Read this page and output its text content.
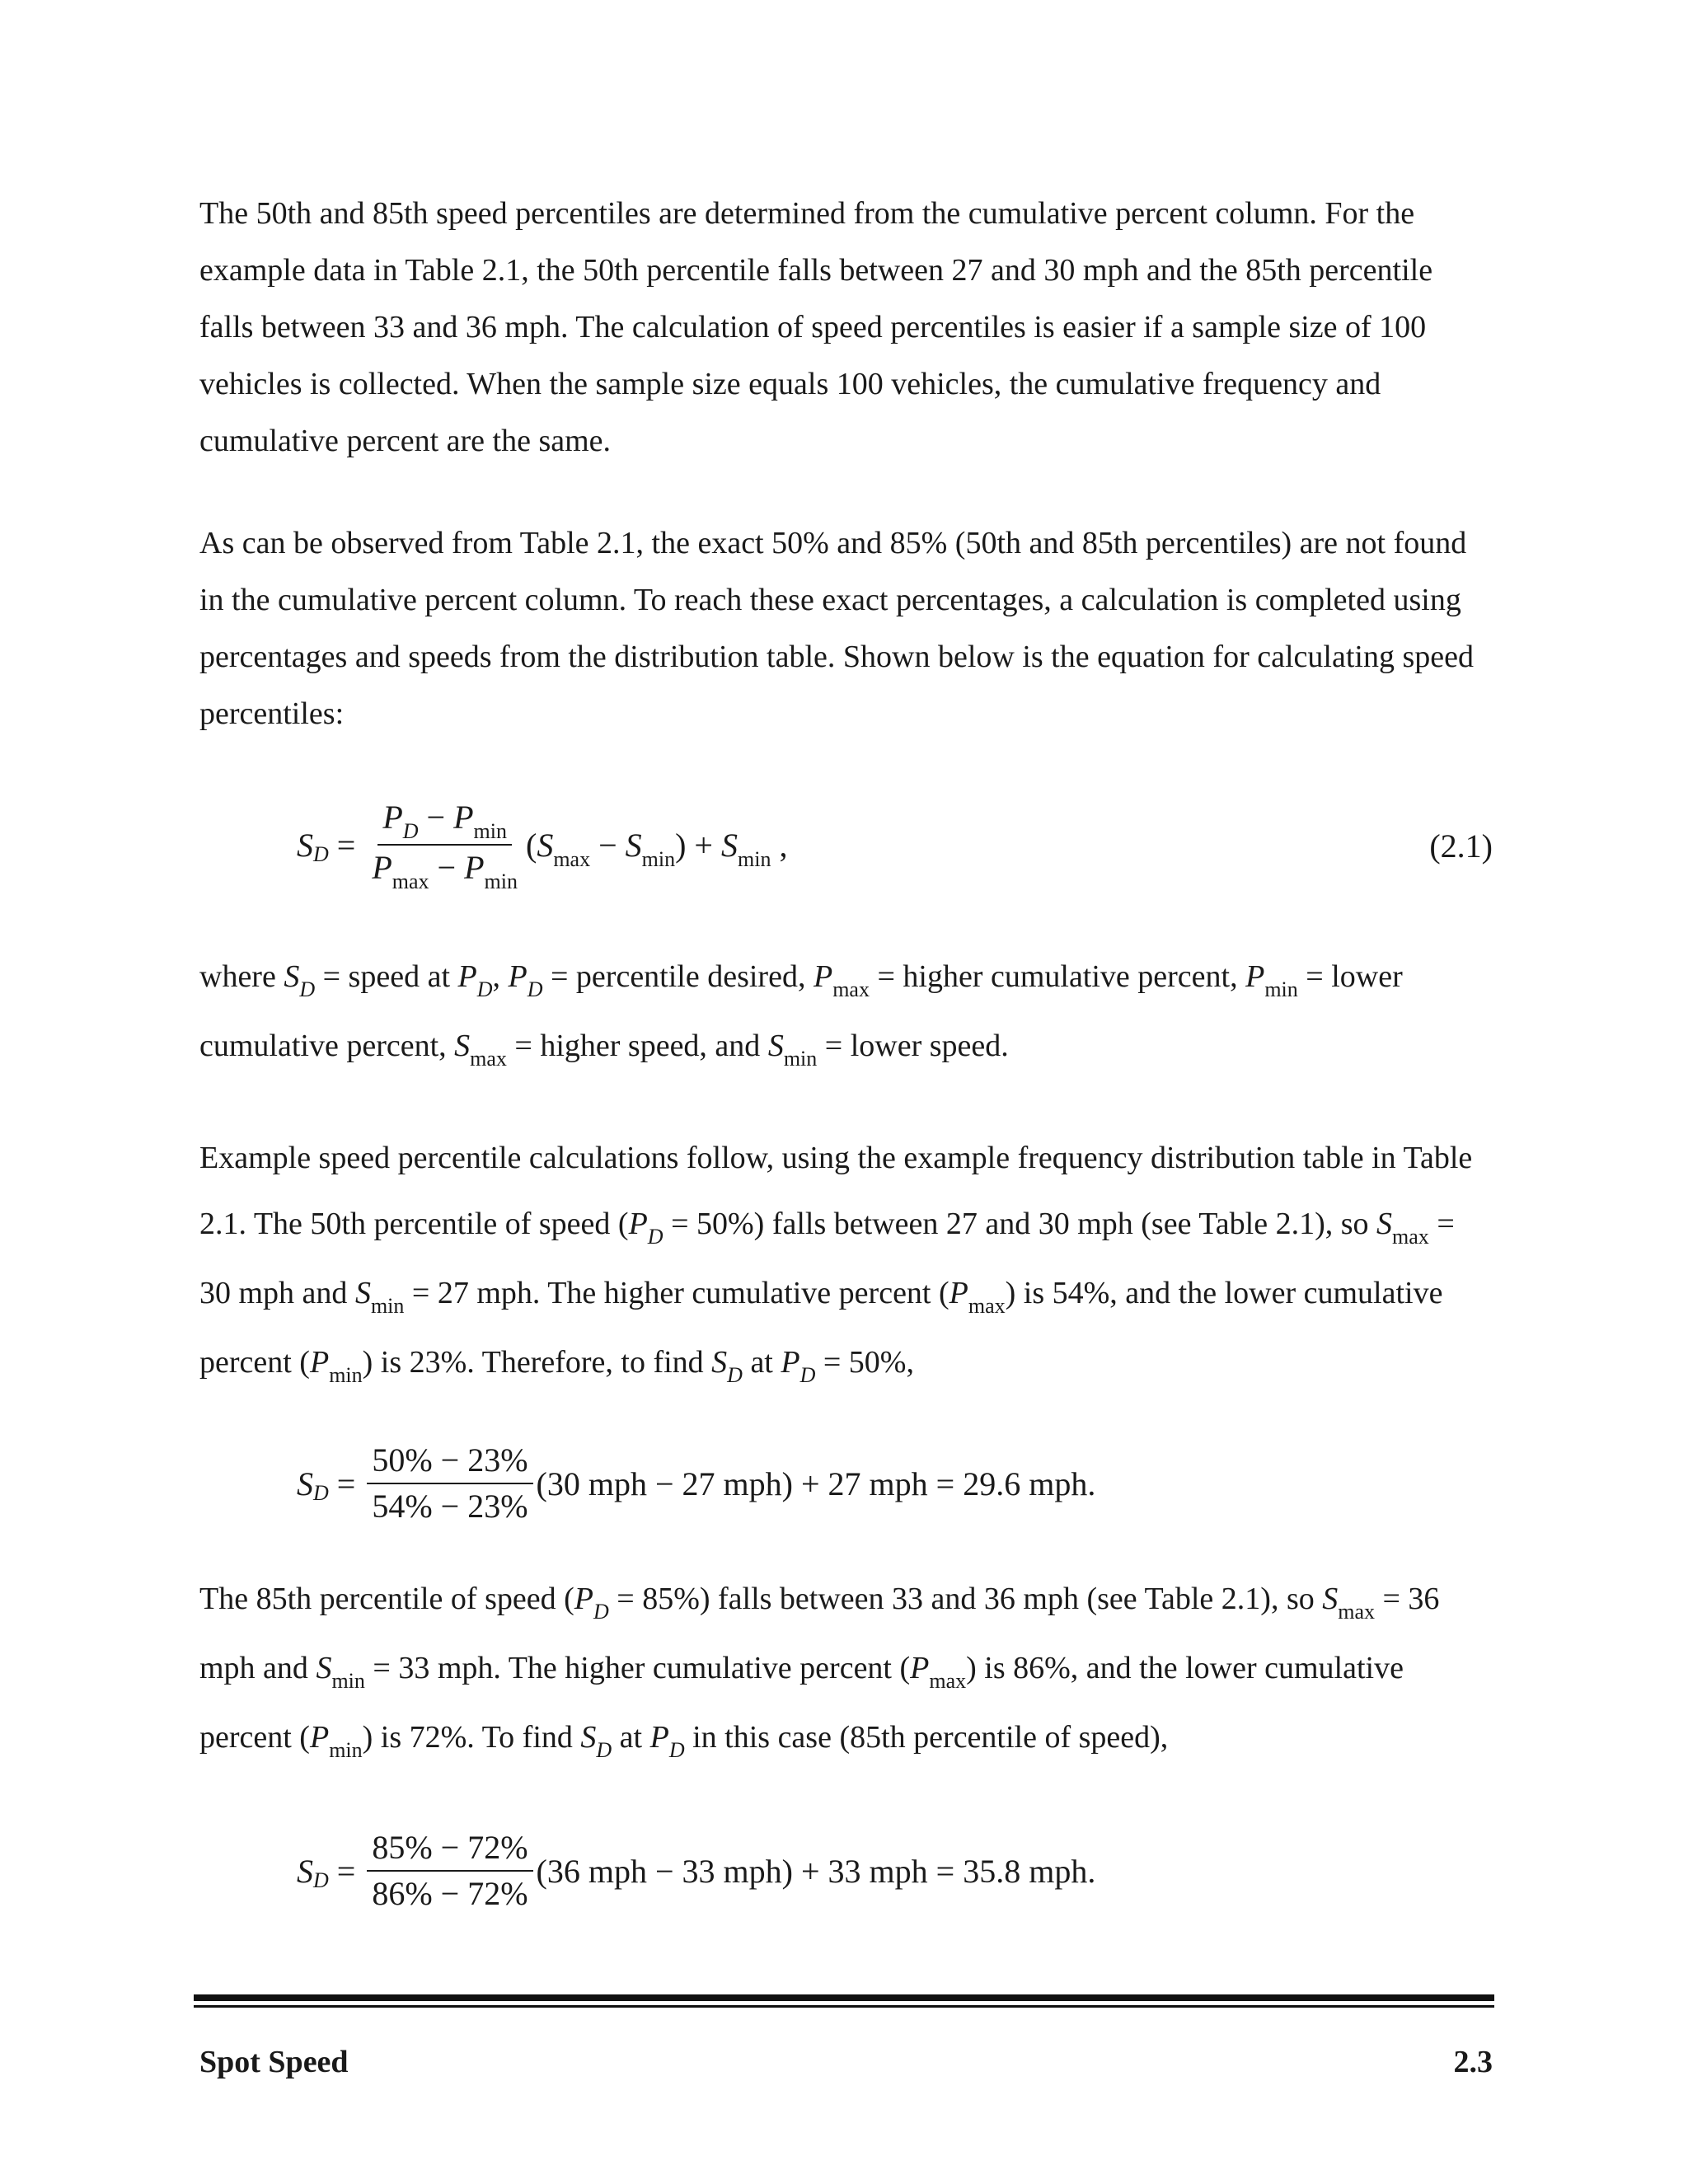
The 50th and 85th speed percentiles are determined from the cumulative percent column. For the example data in Table 2.1, the 50th percentile falls between 27 and 30 mph and the 85th percentile falls between 33 and 36 mph. The calculation of speed percentiles is easier if a sample size of 100 vehicles is collected. When the sample size equals 100 vehicles, the cumulative frequency and cumulative percent are the same.

As can be observed from Table 2.1, the exact 50% and 85% (50th and 85th percentiles) are not found in the cumulative percent column. To reach these exact percentages, a calculation is completed using percentages and speeds from the distribution table. Shown below is the equation for calculating speed percentiles:

S $D = \frac{P_D - P_{min}}{P_{max} - P_{min}} (S_{max} - S_{min}) + S_{min}$ ,	(2.1)

where $S_D$ = speed at $P_D$, $P_D$ = percentile desired, $P_{max}$ = higher cumulative percent, $P_{min}$ = lower cumulative percent, $S_{max}$ = higher speed, and $S_{min}$ = lower speed.

Example speed percentile calculations follow, using the example frequency distribution table in Table 2.1. The 50th percentile of speed $(P_D = 50\%)$ falls between 27 and 30 mph (see Table 2.1), so $S_{max} = 30$ mph and $S_{min} = 27$ mph. The higher cumulative percent $(P_{max})$ is 54%, and the lower cumulative percent $(P_{min})$ is 23%. Therefore, to find $S_D$ at $P_D = 50\%$,

S $D = \frac{50\% - 23\%}{54\% - 23\%} (30$ mph − 27 mph) + 27 mph = 29.6 mph.

The 85th percentile of speed $(P_D = 85\%)$ falls between 33 and 36 mph (see Table 2.1), so $S_{max} = 36$ mph and $S_{min} = 33$ mph. The higher cumulative percent $(P_{max})$ is 86%, and the lower cumulative percent $(P_{min})$ is 72%. To find $S_D$ at $P_D$ in this case (85th percentile of speed),

S $D = \frac{85\% - 72\%}{86\% - 72\%} (36$ mph − 33 mph) + 33 mph = 35.8 mph.
Spot Speed	2.3
